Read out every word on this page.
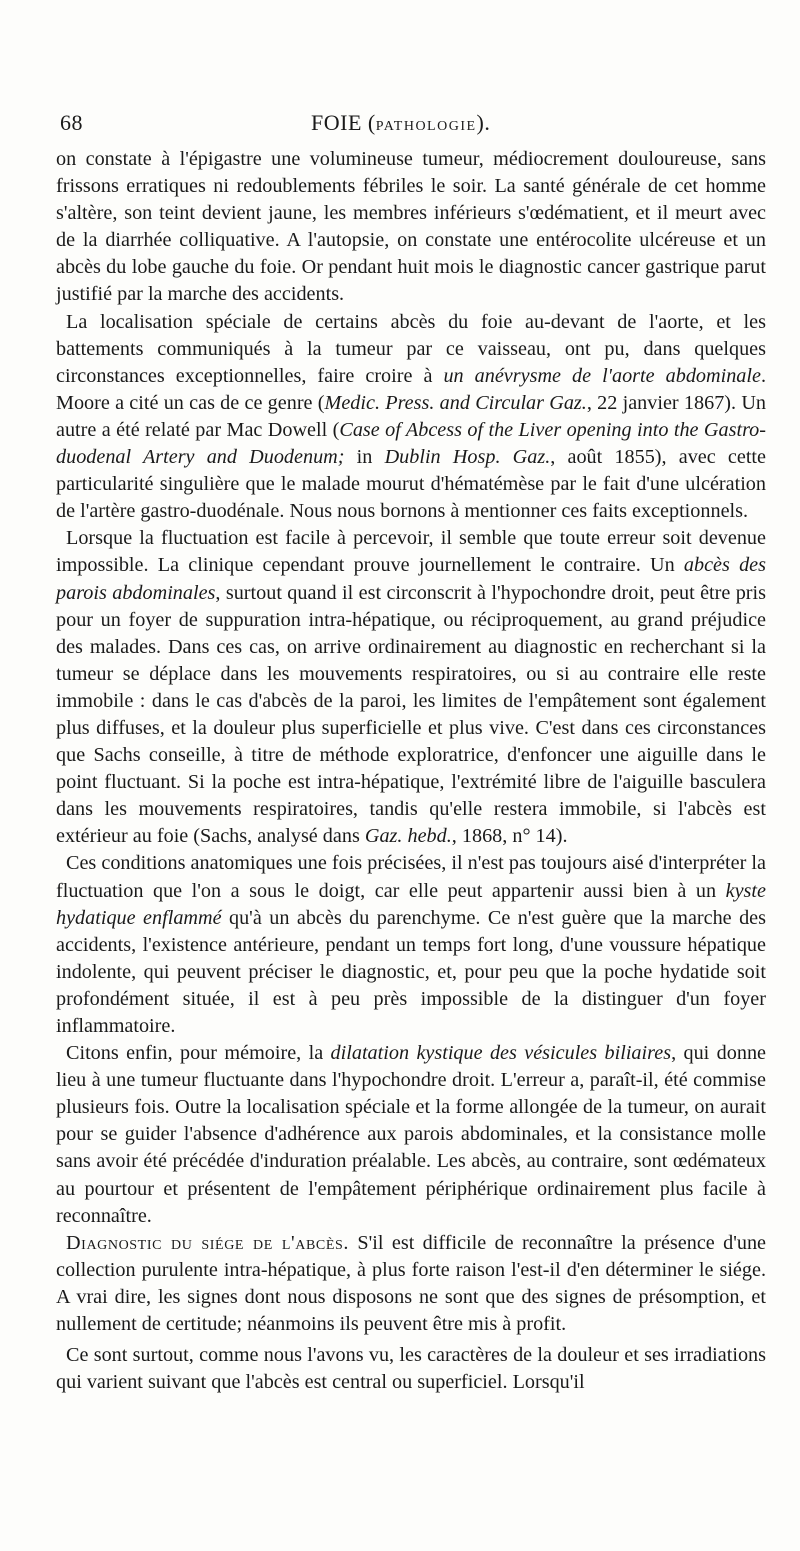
68	FOIE (PATHOLOGIE).

on constate à l'épigastre une volumineuse tumeur, médiocrement douloureuse, sans frissons erratiques ni redoublements fébriles le soir. La santé générale de cet homme s'altère, son teint devient jaune, les membres inférieurs s'œdématient, et il meurt avec de la diarrhée colliquative. A l'autopsie, on constate une entérocolite ulcéreuse et un abcès du lobe gauche du foie. Or pendant huit mois le diagnostic cancer gastrique parut justifié par la marche des accidents.

La localisation spéciale de certains abcès du foie au-devant de l'aorte, et les battements communiqués à la tumeur par ce vaisseau, ont pu, dans quelques circonstances exceptionnelles, faire croire à un anévrysme de l'aorte abdominale. Moore a cité un cas de ce genre (Medic. Press. and Circular Gaz., 22 janvier 1867). Un autre a été relaté par Mac Dowell (Case of Abcess of the Liver opening into the Gastro-duodenal Artery and Duodenum; in Dublin Hosp. Gaz., août 1855), avec cette particularité singulière que le malade mourut d'hématémèse par le fait d'une ulcération de l'artère gastro-duodénale. Nous nous bornons à mentionner ces faits exceptionnels.

Lorsque la fluctuation est facile à percevoir, il semble que toute erreur soit devenue impossible. La clinique cependant prouve journellement le contraire. Un abcès des parois abdominales, surtout quand il est circonscrit à l'hypochondre droit, peut être pris pour un foyer de suppuration intra-hépatique, ou réciproquement, au grand préjudice des malades. Dans ces cas, on arrive ordinairement au diagnostic en recherchant si la tumeur se déplace dans les mouvements respiratoires, ou si au contraire elle reste immobile : dans le cas d'abcès de la paroi, les limites de l'empâtement sont également plus diffuses, et la douleur plus superficielle et plus vive. C'est dans ces circonstances que Sachs conseille, à titre de méthode exploratrice, d'enfoncer une aiguille dans le point fluctuant. Si la poche est intra-hépatique, l'extrémité libre de l'aiguille basculera dans les mouvements respiratoires, tandis qu'elle restera immobile, si l'abcès est extérieur au foie (Sachs, analysé dans Gaz. hebd., 1868, n° 14).

Ces conditions anatomiques une fois précisées, il n'est pas toujours aisé d'interpréter la fluctuation que l'on a sous le doigt, car elle peut appartenir aussi bien à un kyste hydatique enflammé qu'à un abcès du parenchyme. Ce n'est guère que la marche des accidents, l'existence antérieure, pendant un temps fort long, d'une voussure hépatique indolente, qui peuvent préciser le diagnostic, et, pour peu que la poche hydatide soit profondément située, il est à peu près impossible de la distinguer d'un foyer inflammatoire.

Citons enfin, pour mémoire, la dilatation kystique des vésicules biliaires, qui donne lieu à une tumeur fluctuante dans l'hypochondre droit. L'erreur a, paraît-il, été commise plusieurs fois. Outre la localisation spéciale et la forme allongée de la tumeur, on aurait pour se guider l'absence d'adhérence aux parois abdominales, et la consistance molle sans avoir été précédée d'induration préalable. Les abcès, au contraire, sont œdémateux au pourtour et présentent de l'empâtement périphérique ordinairement plus facile à reconnaître.

Diagnostic du siége de l'abcès. S'il est difficile de reconnaître la présence d'une collection purulente intra-hépatique, à plus forte raison l'est-il d'en déterminer le siége. A vrai dire, les signes dont nous disposons ne sont que des signes de présomption, et nullement de certitude; néanmoins ils peuvent être mis à profit.

Ce sont surtout, comme nous l'avons vu, les caractères de la douleur et ses irradiations qui varient suivant que l'abcès est central ou superficiel. Lorsqu'il
